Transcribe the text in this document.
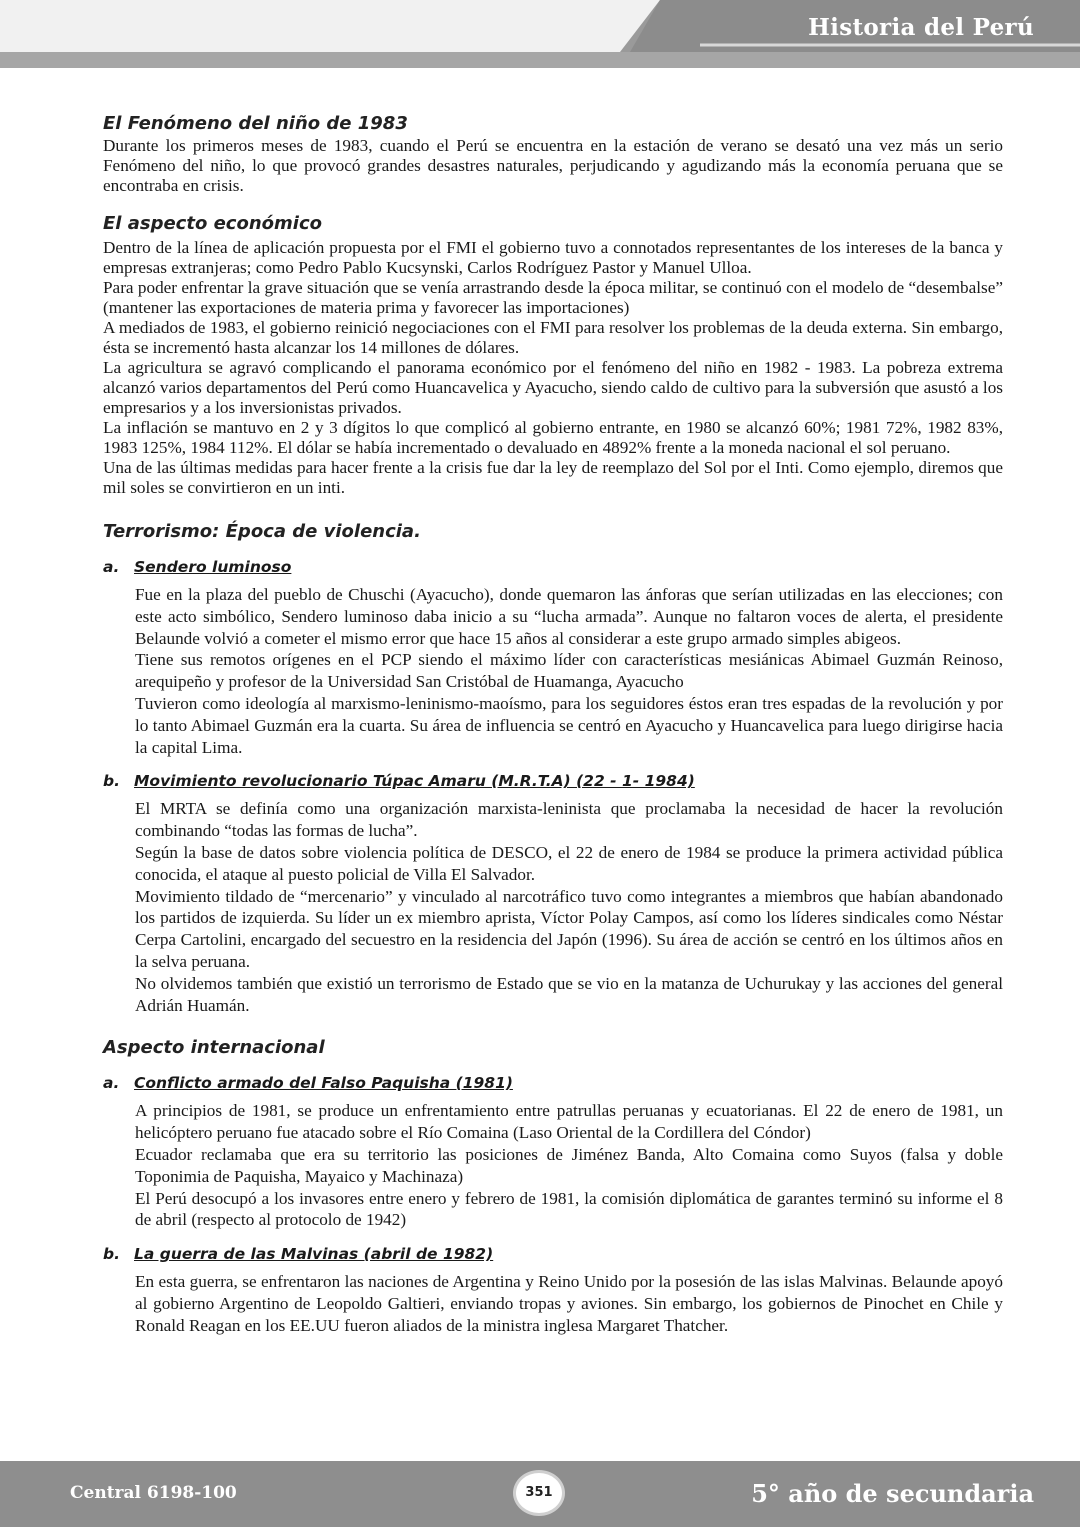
Historia del Perú
El Fenómeno del niño de 1983

Durante los primeros meses de 1983, cuando el Perú se encuentra en la estación de verano se desató una vez más un serio Fenómeno del niño, lo que provocó grandes desastres naturales, perjudicando y agudizando más la economía peruana que se encontraba en crisis.

El aspecto económico

Dentro de la línea de aplicación propuesta por el FMI el gobierno tuvo a connotados representantes de los intereses de la banca y empresas extranjeras; como Pedro Pablo Kucsynski, Carlos Rodríguez Pastor y Manuel Ulloa.

Para poder enfrentar la grave situación que se venía arrastrando desde la época militar, se continuó con el modelo de “desembalse” (mantener las exportaciones de materia prima y favorecer las importaciones)

A mediados de 1983, el gobierno reinició negociaciones con el FMI para resolver los problemas de la deuda externa. Sin embargo, ésta se incrementó hasta alcanzar los 14 millones de dólares.

La agricultura se agravó complicando el panorama económico por el fenómeno del niño en 1982 - 1983. La pobreza extrema alcanzó varios departamentos del Perú como Huancavelica y Ayacucho, siendo caldo de cultivo para la subversión que asustó a los empresarios y a los inversionistas privados.

La inflación se mantuvo en 2 y 3 dígitos lo que complicó al gobierno entrante, en 1980 se alcanzó 60%; 1981 72%, 1982 83%, 1983 125%, 1984 112%. El dólar se había incrementado o devaluado en 4892% frente a la moneda nacional el sol peruano.

Una de las últimas medidas para hacer frente a la crisis fue dar la ley de reemplazo del Sol por el Inti. Como ejemplo, diremos que mil soles se convirtieron en un inti.

Terrorismo: Época de violencia.
a. Sendero luminoso

Fue en la plaza del pueblo de Chuschi (Ayacucho), donde quemaron las ánforas que serían utilizadas en las elecciones; con este acto simbólico, Sendero luminoso daba inicio a su “lucha armada”. Aunque no faltaron voces de alerta, el presidente Belaunde volvió a cometer el mismo error que hace 15 años al considerar a este grupo armado simples abigeos.

Tiene sus remotos orígenes en el PCP siendo el máximo líder con características mesiánicas Abimael Guzmán Reinoso, arequipeño y profesor de la Universidad San Cristóbal de Huamanga, Ayacucho

Tuvieron como ideología al marxismo-leninismo-maoísmo, para los seguidores éstos eran tres espadas de la revolución y por lo tanto Abimael Guzmán era la cuarta. Su área de influencia se centró en Ayacucho y Huancavelica para luego dirigirse hacia la capital Lima.

b. Movimiento revolucionario Túpac Amaru (M.R.T.A) (22 - 1- 1984)

El MRTA se definía como una organización marxista-leninista que proclamaba la necesidad de hacer la revolución combinando “todas las formas de lucha”.

Según la base de datos sobre violencia política de DESCO, el 22 de enero de 1984 se produce la primera actividad pública conocida, el ataque al puesto policial de Villa El Salvador.

Movimiento tildado de “mercenario” y vinculado al narcotráfico tuvo como integrantes a miembros que habían abandonado los partidos de izquierda. Su líder un ex miembro aprista, Víctor Polay Campos, así como los líderes sindicales como Néstar Cerpa Cartolini, encargado del secuestro en la residencia del Japón (1996). Su área de acción se centró en los últimos años en la selva peruana.

No olvidemos también que existió un terrorismo de Estado que se vio en la matanza de Uchurukay y las acciones del general Adrián Huamán.

Aspecto internacional
a. Conflicto armado del Falso Paquisha (1981)

A principios de 1981, se produce un enfrentamiento entre patrullas peruanas y ecuatorianas. El 22 de enero de 1981, un helicóptero peruano fue atacado sobre el Río Comaina (Laso Oriental de la Cordillera del Cóndor)

Ecuador reclamaba que era su territorio las posiciones de Jiménez Banda, Alto Comaina como Suyos (falsa y doble Toponimia de Paquisha, Mayaico y Machinaza)

El Perú desocupó a los invasores entre enero y febrero de 1981, la comisión diplomática de garantes terminó su informe el 8 de abril (respecto al protocolo de 1942)

b. La guerra de las Malvinas (abril de 1982)

En esta guerra, se enfrentaron las naciones de Argentina y Reino Unido por la posesión de las islas Malvinas. Belaunde apoyó al gobierno Argentino de Leopoldo Galtieri, enviando tropas y aviones. Sin embargo, los gobiernos de Pinochet en Chile y Ronald Reagan en los EE.UU fueron aliados de la ministra inglesa Margaret Thatcher.

Central 6198-100	5° año de secundaria
351
